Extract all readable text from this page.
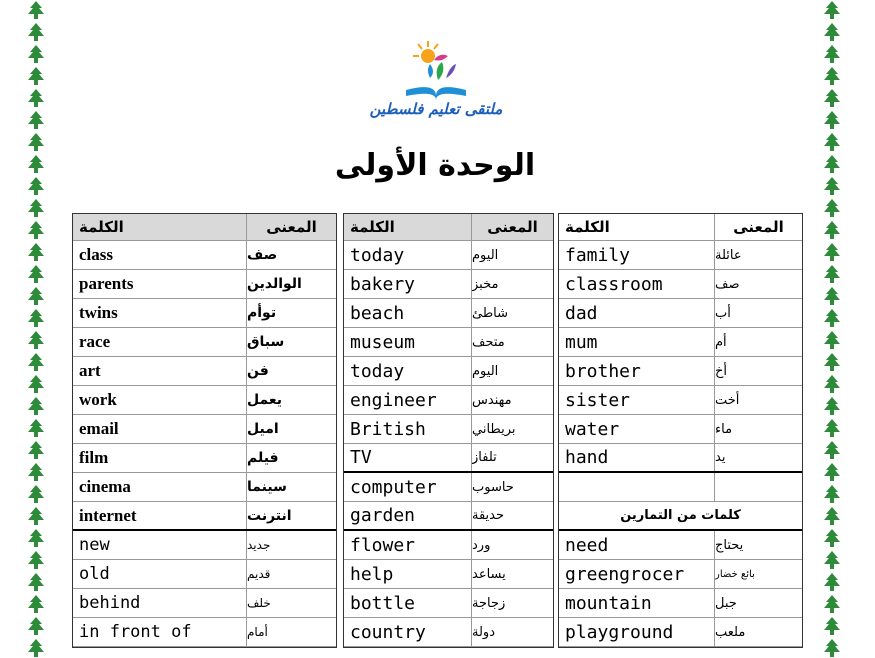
ملتقى تعليم فلسطين
الوحدة الأولى
الكلمة	المعنى
class	صف
parents	الوالدين
twins	توأم
race	سباق
art	فن
work	يعمل
email	اميل
film	فيلم
cinema	سينما
internet	انترنت
new	جديد
old	قديم
behind	خلف
in front of	أمام
الكلمة	المعنى
today	اليوم
bakery	مخبز
beach	شاطئ
museum	متحف
today	اليوم
engineer	مهندس
British	بريطاني
TV	تلفاز
computer	حاسوب
garden	حديقة
flower	ورد
help	يساعد
bottle	زجاجة
country	دولة
الكلمة	المعنى
family	عائلة
classroom	صف
dad	أب
mum	أم
brother	أخ
sister	أخت
water	ماء
hand	يد
كلمات من التمارين
need	يحتاج
greengrocer	بائع خضار
mountain	جبل
playground	ملعب
